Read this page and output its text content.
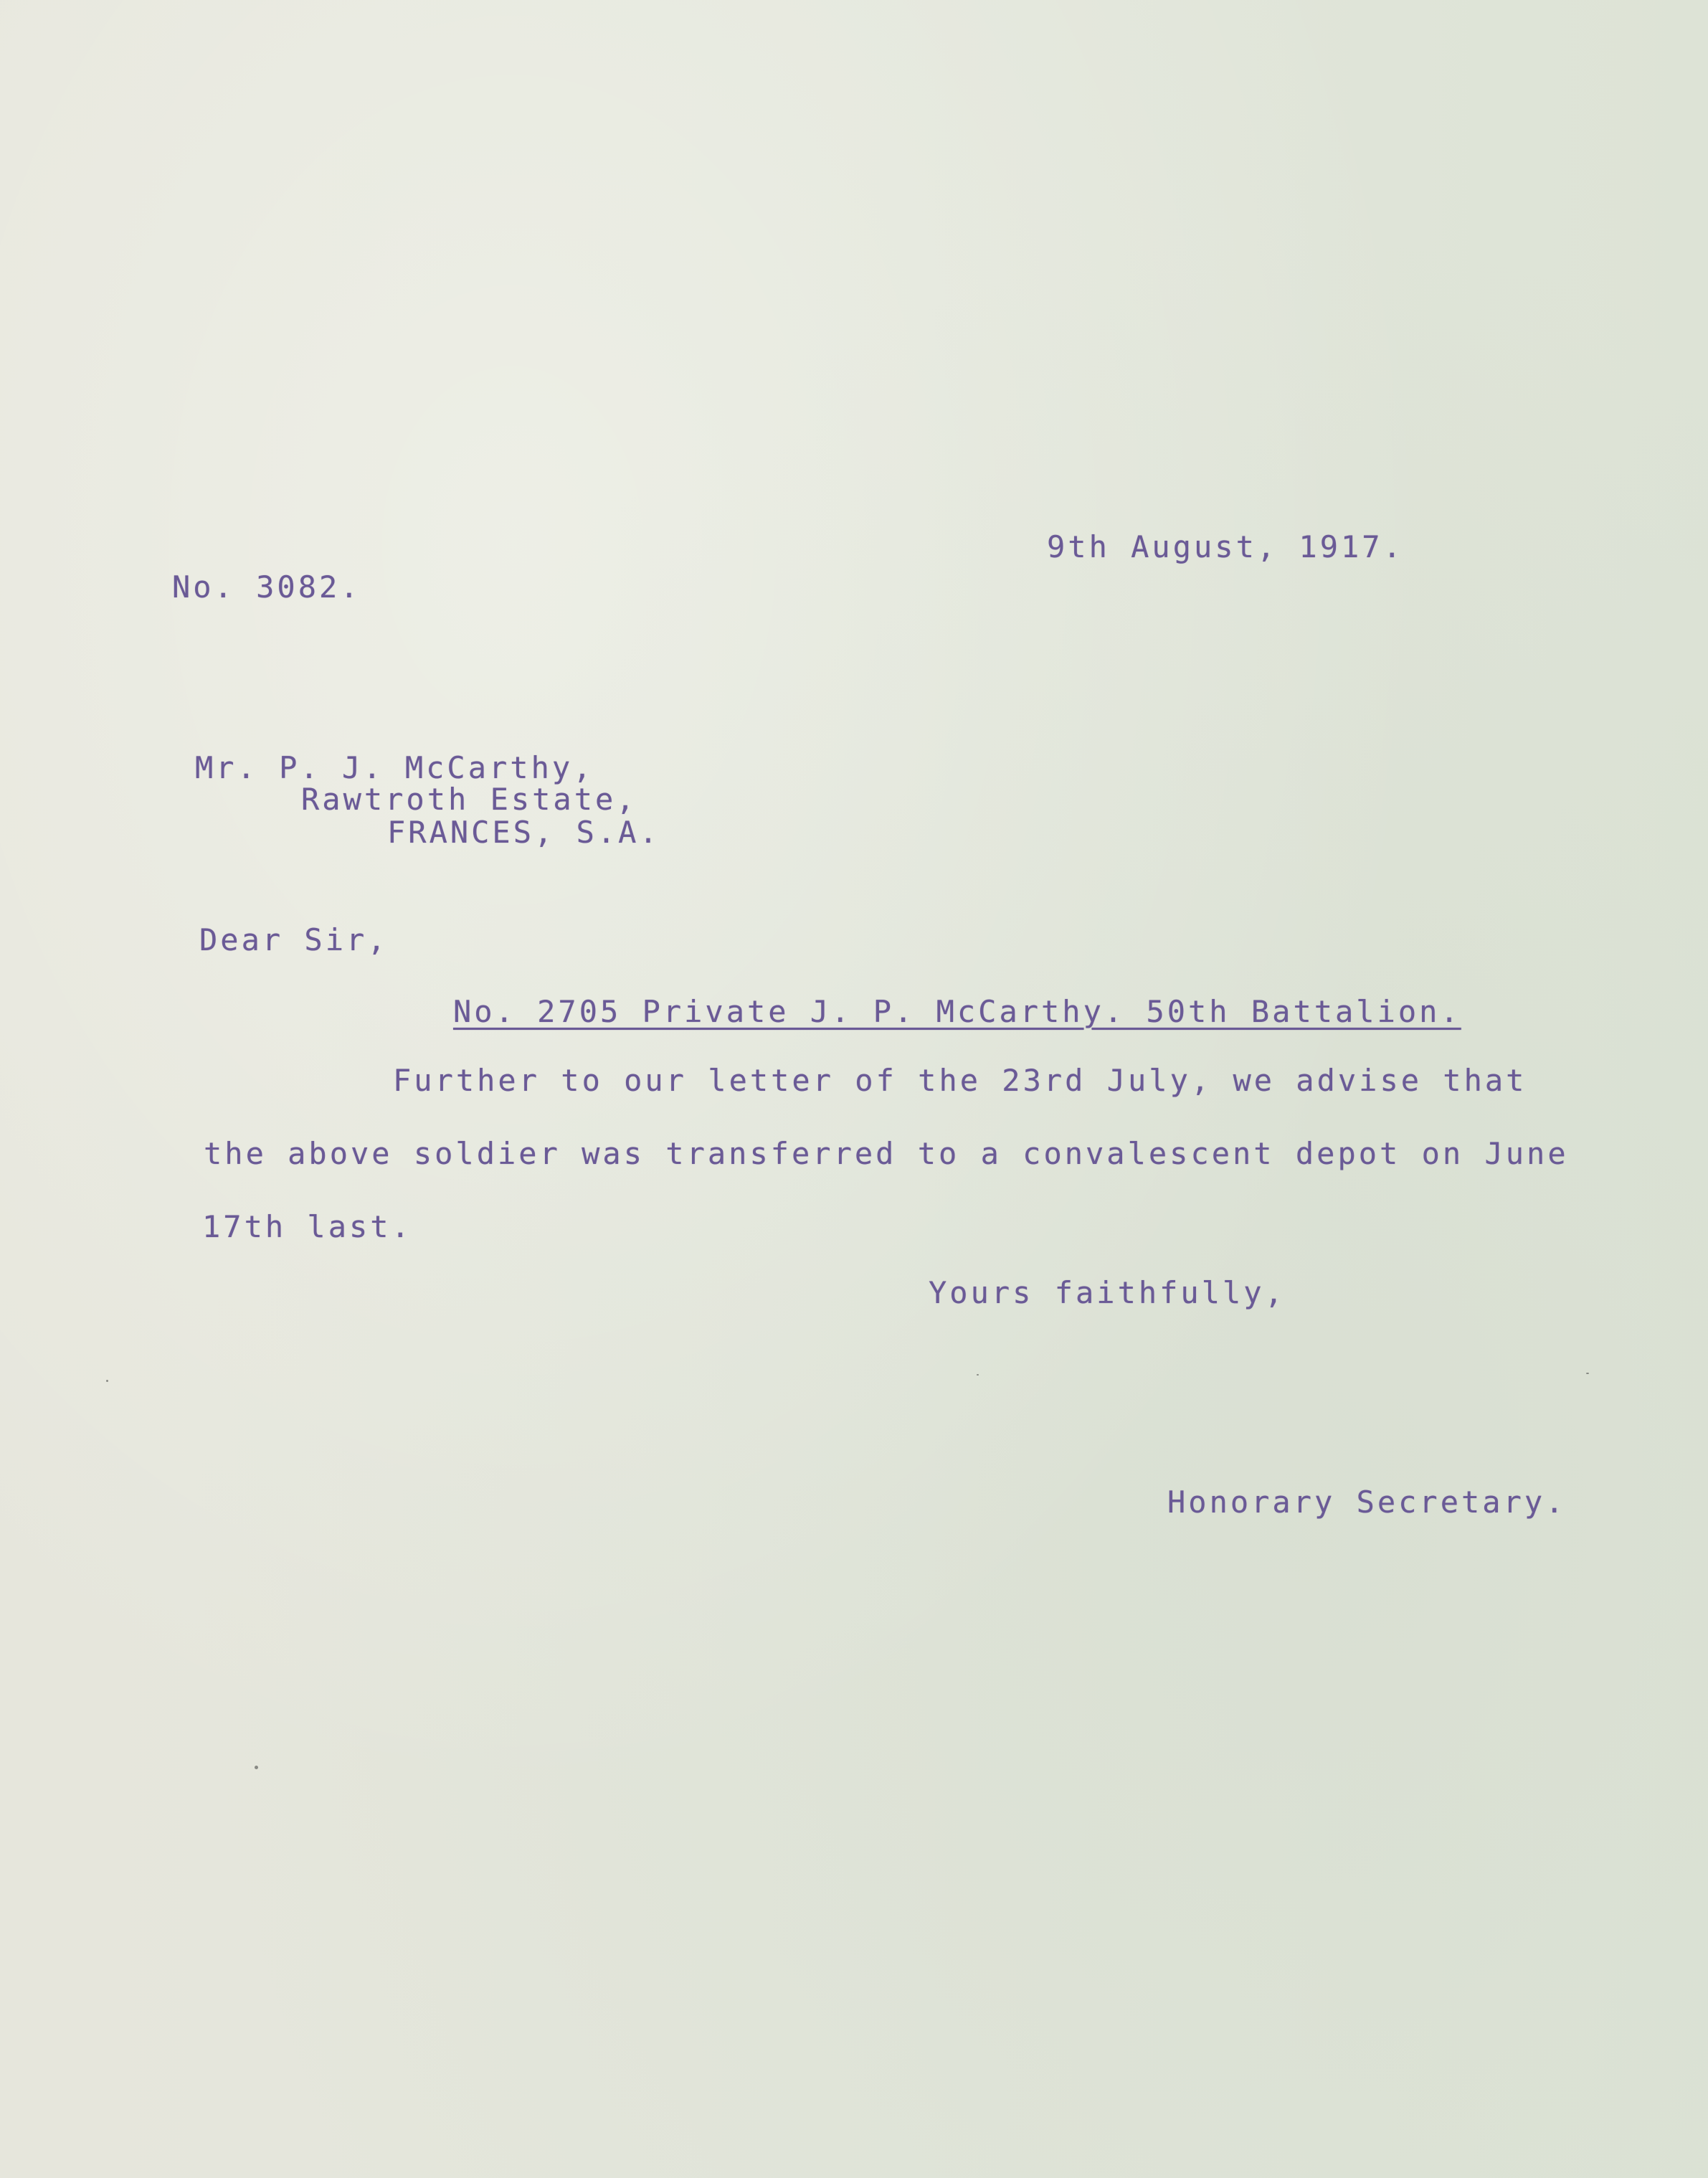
No. 3082.
9th August, 1917.
Mr. P. J. McCarthy,
Rawtroth Estate,
FRANCES, S.A.
Dear Sir,
No. 2705 Private J. P. McCarthy. 50th Battalion.
Further to our letter of the 23rd July, we advise that
the above soldier was transferred to a convalescent depot on June
17th last.
Yours faithfully,
Honorary Secretary.
